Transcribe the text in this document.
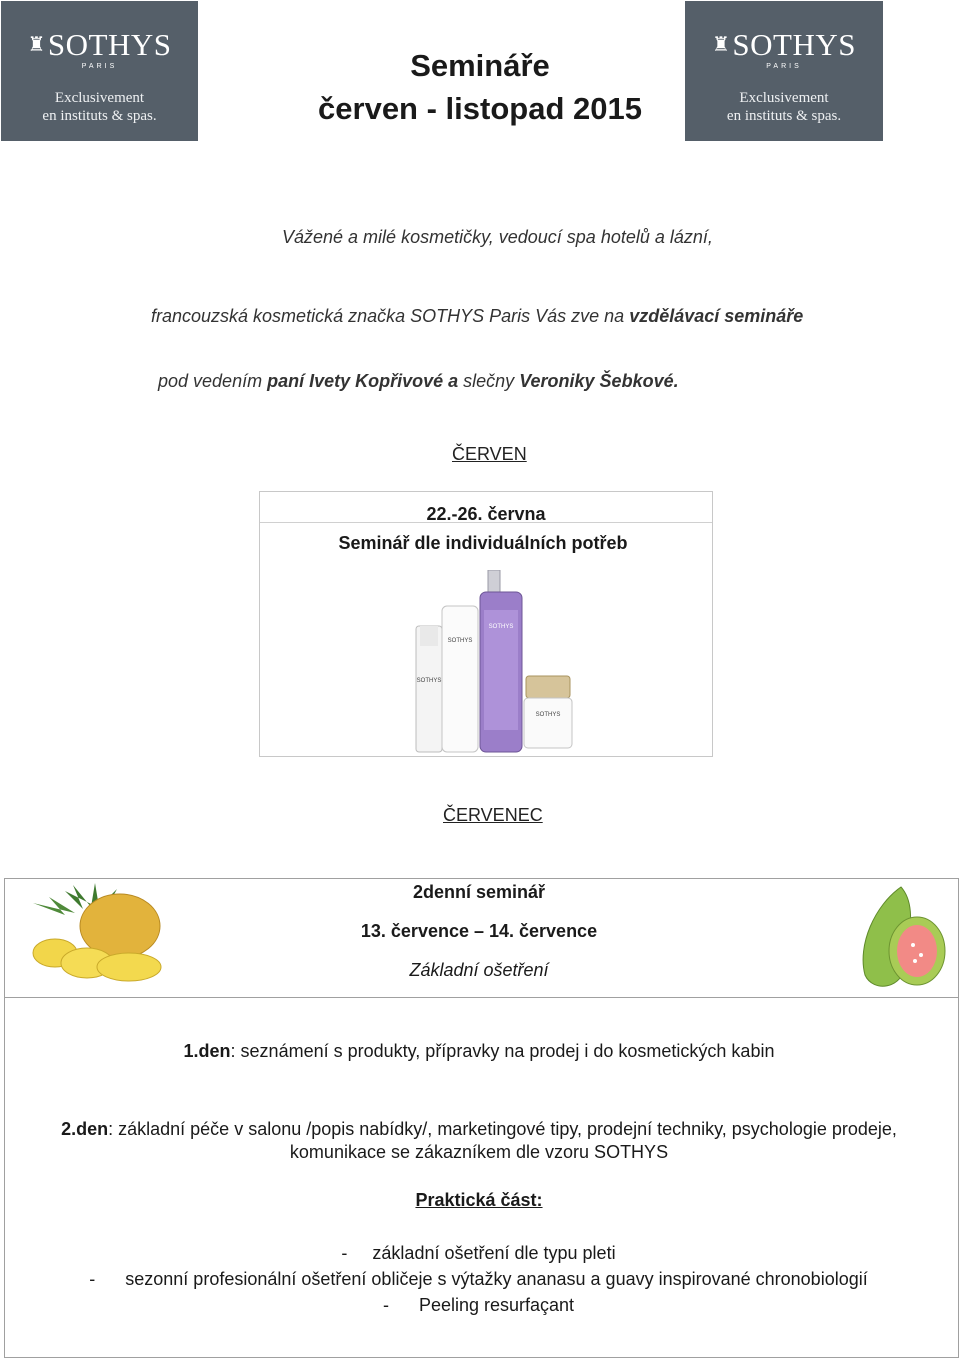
♜SOTHYS
PARIS
Exclusivement
en instituts & spas.
♜SOTHYS
PARIS
Exclusivement
en instituts & spas.
Semináře
červen - listopad 2015
Vážené a milé kosmetičky, vedoucí spa hotelů a lázní,
francouzská kosmetická značka SOTHYS Paris Vás zve na vzdělávací semináře
pod vedením paní Ivety Kopřivové a slečny Veroniky Šebkové.
ČERVEN
22.-26. června
Seminář dle individuálních potřeb
SOTHYS
SOTHYS
SOTHYS
SOTHYS
ČERVENEC
2denní seminář
13. července – 14. července
Základní ošetření
1.den: seznámení s produkty, přípravky na prodej i do kosmetických kabin
2.den: základní péče v salonu /popis nabídky/, marketingové tipy, prodejní techniky, psychologie prodeje,
komunikace se zákazníkem dle vzoru SOTHYS
Praktická část:
- základní ošetření dle typu pleti
- sezonní profesionální ošetření obličeje s výtažky ananasu a guavy inspirované chronobiologií
- Peeling resurfaçant
